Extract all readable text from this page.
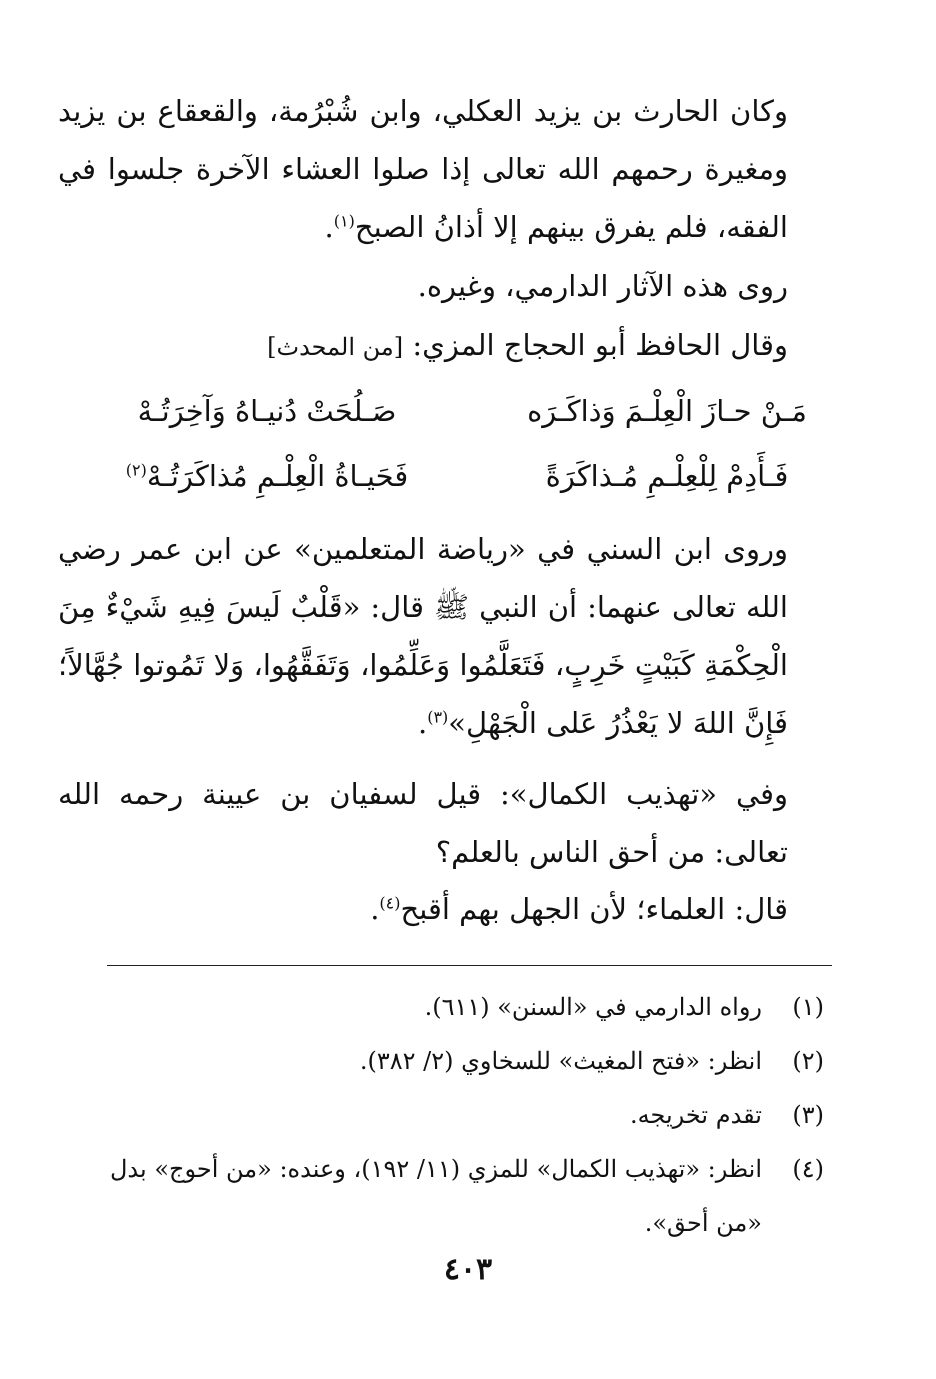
وكان الحارث بن يزيد العكلي، وابن شُبْرُمة، والقعقاع بن يزيد ومغيرة رحمهم الله تعالى إذا صلوا العشاء الآخرة جلسوا في الفقه، فلم يفرق بينهم إلا أذانُ الصبح$^{(١)}$.
روى هذه الآثار الدارمي، وغيره.
وقال الحافظ أبو الحجاج المزي: [من المحدث]
مَـنْ حـازَ الْعِلْـمَ وَذاكَـرَه
صَـلُحَتْ دُنيـاهُ وَآخِرَتُـهْ
فَـأَدِمْ لِلْعِلْـمِ مُـذاكَرَةً
فَحَيـاةُ الْعِلْـمِ مُذاكَرَتُـهْ$^{(٢)}$
وروى ابن السني في «رياضة المتعلمين» عن ابن عمر رضي الله تعالى عنهما: أن النبي ﷺ قال: «قَلْبٌ لَيسَ فِيهِ شَيْءٌ مِنَ الْحِكْمَةِ كَبَيْتٍ خَرِبٍ، فَتَعَلَّمُوا وَعَلِّمُوا، وَتَفَقَّهُوا، وَلا تَمُوتوا جُهَّالاً؛ فَإِنَّ اللهَ لا يَعْذُرُ عَلى الْجَهْلِ»$^{(٣)}$.
وفي «تهذيب الكمال»: قيل لسفيان بن عيينة رحمه الله تعالى: من أحق الناس بالعلم؟
قال: العلماء؛ لأن الجهل بهم أقبح$^{(٤)}$.
(١)
رواه الدارمي في «السنن» (٦١١).
(٢)
انظر: «فتح المغيث» للسخاوي (٢/ ٣٨٢).
(٣)
تقدم تخريجه.
(٤)
انظر: «تهذيب الكمال» للمزي (١١/ ١٩٢)، وعنده: «من أحوج» بدل «من أحق».
٤٠٣
